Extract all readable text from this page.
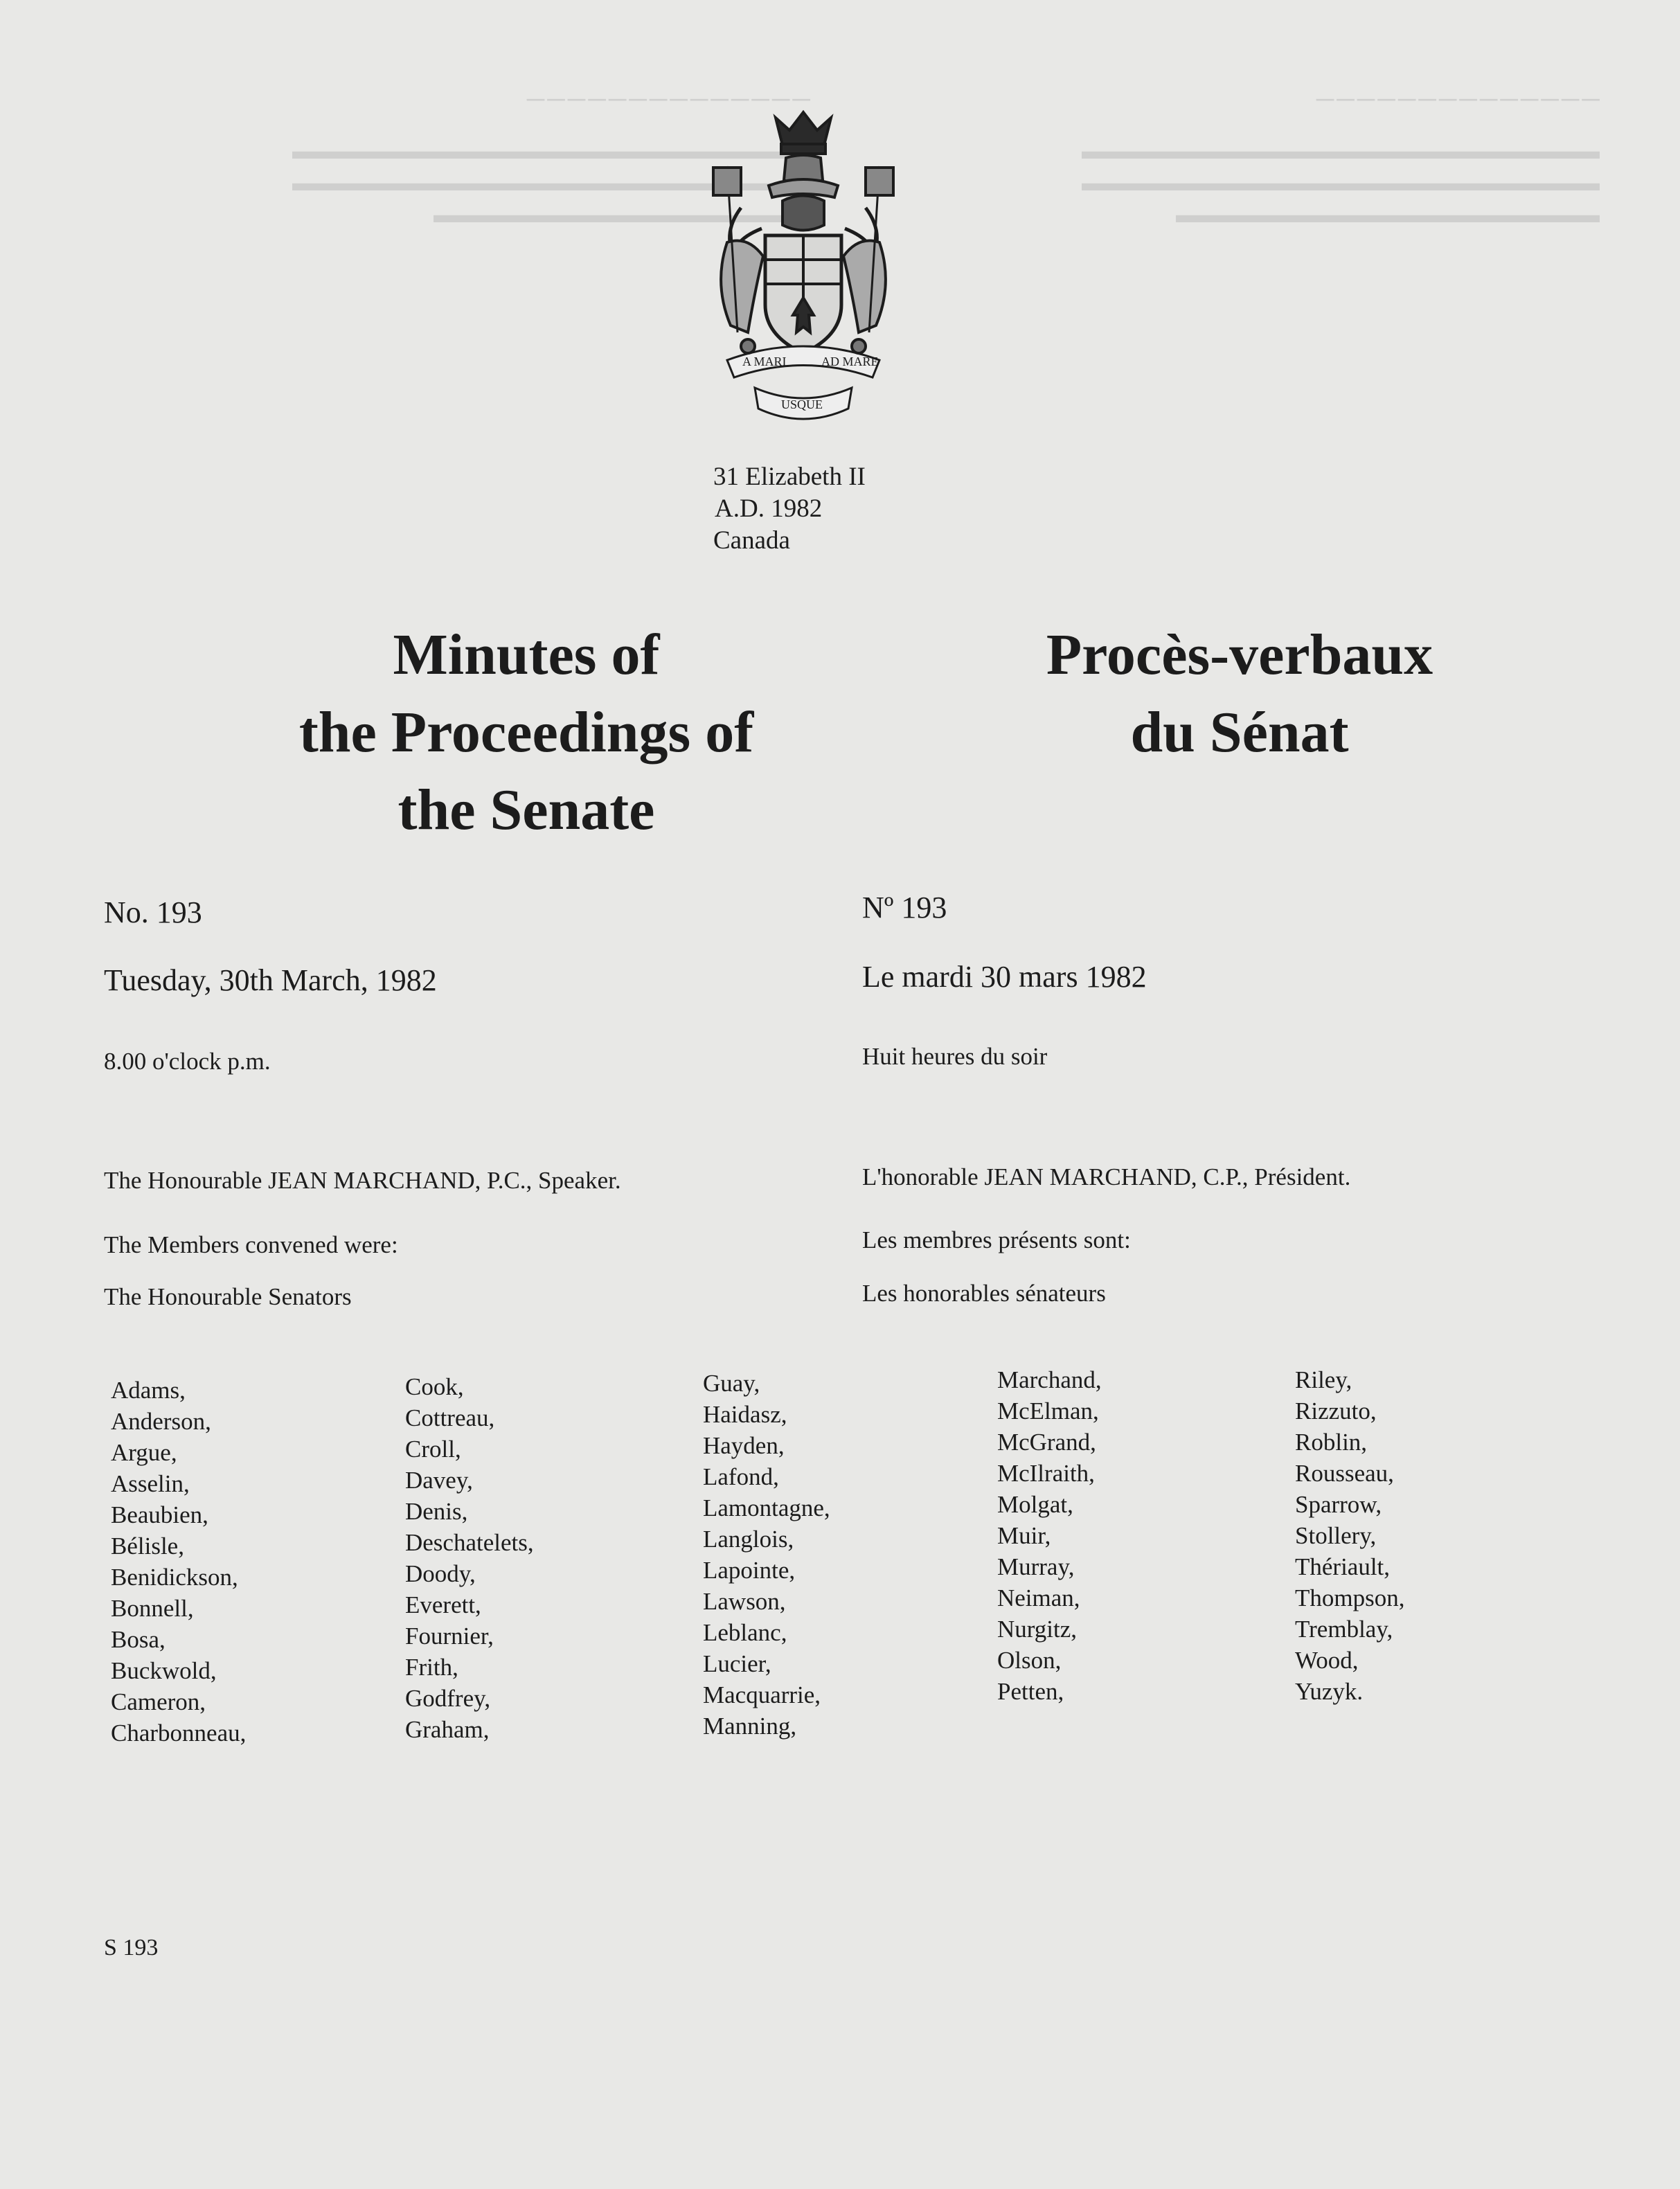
──────────────
▬▬▬▬▬▬▬▬▬▬▬▬▬▬▬▬▬▬▬▬▬▬
▬▬▬▬▬▬▬▬▬▬▬▬▬▬▬▬▬▬▬▬▬▬
▬▬▬▬▬▬▬▬▬▬▬▬▬▬▬▬▬▬
──────────────
▬▬▬▬▬▬▬▬▬▬▬▬▬▬▬▬▬▬▬▬▬▬
▬▬▬▬▬▬▬▬▬▬▬▬▬▬▬▬▬▬▬▬▬▬
▬▬▬▬▬▬▬▬▬▬▬▬▬▬▬▬
A MARI	AD MARE
USQUE
31 Elizabeth II
A.D. 1982
Canada
Minutes of
the Proceedings of
the Senate
Procès-verbaux
du Sénat
No. 193
Tuesday, 30th March, 1982
8.00 o'clock p.m.
The Honourable JEAN MARCHAND, P.C., Speaker.
The Members convened were:
The Honourable Senators
Nº 193
Le mardi 30 mars 1982
Huit heures du soir
L'honorable JEAN MARCHAND, C.P., Président.
Les membres présents sont:
Les honorables sénateurs
Adams,
Anderson,
Argue,
Asselin,
Beaubien,
Bélisle,
Benidickson,
Bonnell,
Bosa,
Buckwold,
Cameron,
Charbonneau,
Cook,
Cottreau,
Croll,
Davey,
Denis,
Deschatelets,
Doody,
Everett,
Fournier,
Frith,
Godfrey,
Graham,
Guay,
Haidasz,
Hayden,
Lafond,
Lamontagne,
Langlois,
Lapointe,
Lawson,
Leblanc,
Lucier,
Macquarrie,
Manning,
Marchand,
McElman,
McGrand,
McIlraith,
Molgat,
Muir,
Murray,
Neiman,
Nurgitz,
Olson,
Petten,
Riley,
Rizzuto,
Roblin,
Rousseau,
Sparrow,
Stollery,
Thériault,
Thompson,
Tremblay,
Wood,
Yuzyk.
S 193
